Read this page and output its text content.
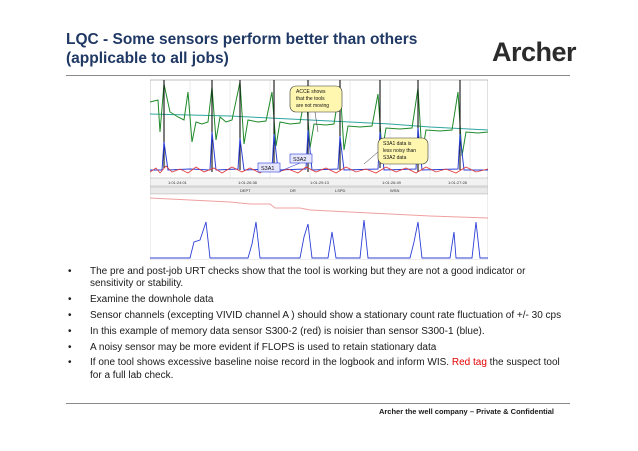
LQC - Some sensors perform better than others
(applicable to all jobs)	Archer
1:01:24:01	1:01:26:38	1:01:29:13	1:01:26:49	1:01:27:28
DEPT	DR	LSPD	WSN
ACCE shows
that the tools
are not moving
S3A1 data is
less noisy than
S3A2 data
S3A2
S3A1
• The pre and post-job URT checks show that the tool is working but they are not a good indicator or sensitivity or stability.
• Examine the downhole data
• Sensor channels (excepting VIVID channel A ) should show a stationary count rate fluctuation of +/- 30 cps
• In this example of memory data sensor S300-2 (red) is noisier than sensor S300-1 (blue).
• A noisy sensor may be more evident if FLOPS is used to retain stationary data
• If one tool shows excessive baseline noise record in the logbook and inform WIS. Red tag the suspect tool for a full lab check.
Archer the well company – Private & Confidential
